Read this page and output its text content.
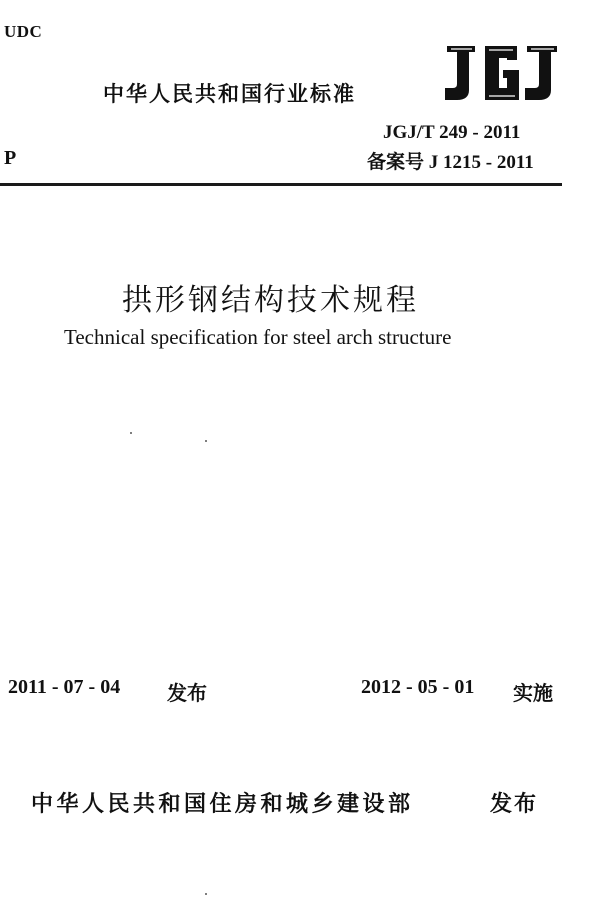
UDC
中华人民共和国行业标准
JGJ/T 249 - 2011
P	备案号 J 1215 - 2011
拱形钢结构技术规程
Technical specification for steel arch structure
2011 - 07 - 04 发布	2012 - 05 - 01 实施
中华人民共和国住房和城乡建设部	发布
